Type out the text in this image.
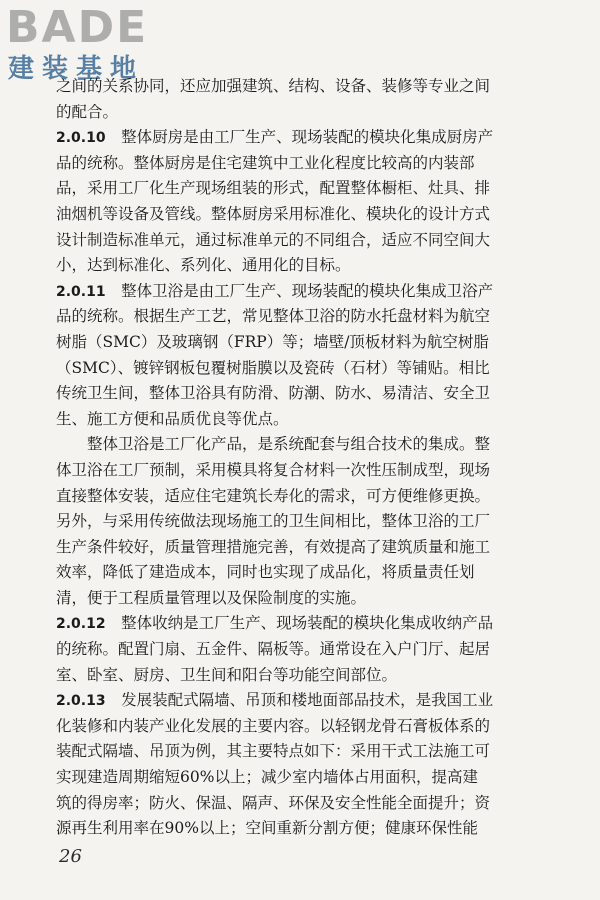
BADE
建装基地
之间的关系协同，还应加强建筑、结构、设备、装修等专业之间
的配合。
2.0.10　整体厨房是由工厂生产、现场装配的模块化集成厨房产
品的统称。整体厨房是住宅建筑中工业化程度比较高的内装部
品，采用工厂化生产现场组装的形式，配置整体橱柜、灶具、排
油烟机等设备及管线。整体厨房采用标准化、模块化的设计方式
设计制造标准单元，通过标准单元的不同组合，适应不同空间大
小，达到标准化、系列化、通用化的目标。
2.0.11　整体卫浴是由工厂生产、现场装配的模块化集成卫浴产
品的统称。根据生产工艺，常见整体卫浴的防水托盘材料为航空
树脂（SMC）及玻璃钢（FRP）等；墙壁/顶板材料为航空树脂
（SMC）、镀锌钢板包覆树脂膜以及瓷砖（石材）等铺贴。相比
传统卫生间，整体卫浴具有防滑、防潮、防水、易清洁、安全卫
生、施工方便和品质优良等优点。
　　整体卫浴是工厂化产品，是系统配套与组合技术的集成。整
体卫浴在工厂预制，采用模具将复合材料一次性压制成型，现场
直接整体安装，适应住宅建筑长寿化的需求，可方便维修更换。
另外，与采用传统做法现场施工的卫生间相比，整体卫浴的工厂
生产条件较好，质量管理措施完善，有效提高了建筑质量和施工
效率，降低了建造成本，同时也实现了成品化，将质量责任划
清，便于工程质量管理以及保险制度的实施。
2.0.12　整体收纳是工厂生产、现场装配的模块化集成收纳产品
的统称。配置门扇、五金件、隔板等。通常设在入户门厅、起居
室、卧室、厨房、卫生间和阳台等功能空间部位。
2.0.13　发展装配式隔墙、吊顶和楼地面部品技术，是我国工业
化装修和内装产业化发展的主要内容。以轻钢龙骨石膏板体系的
装配式隔墙、吊顶为例，其主要特点如下：采用干式工法施工可
实现建造周期缩短60%以上；减少室内墙体占用面积，提高建
筑的得房率；防火、保温、隔声、环保及安全性能全面提升；资
源再生利用率在90%以上；空间重新分割方便；健康环保性能
26
